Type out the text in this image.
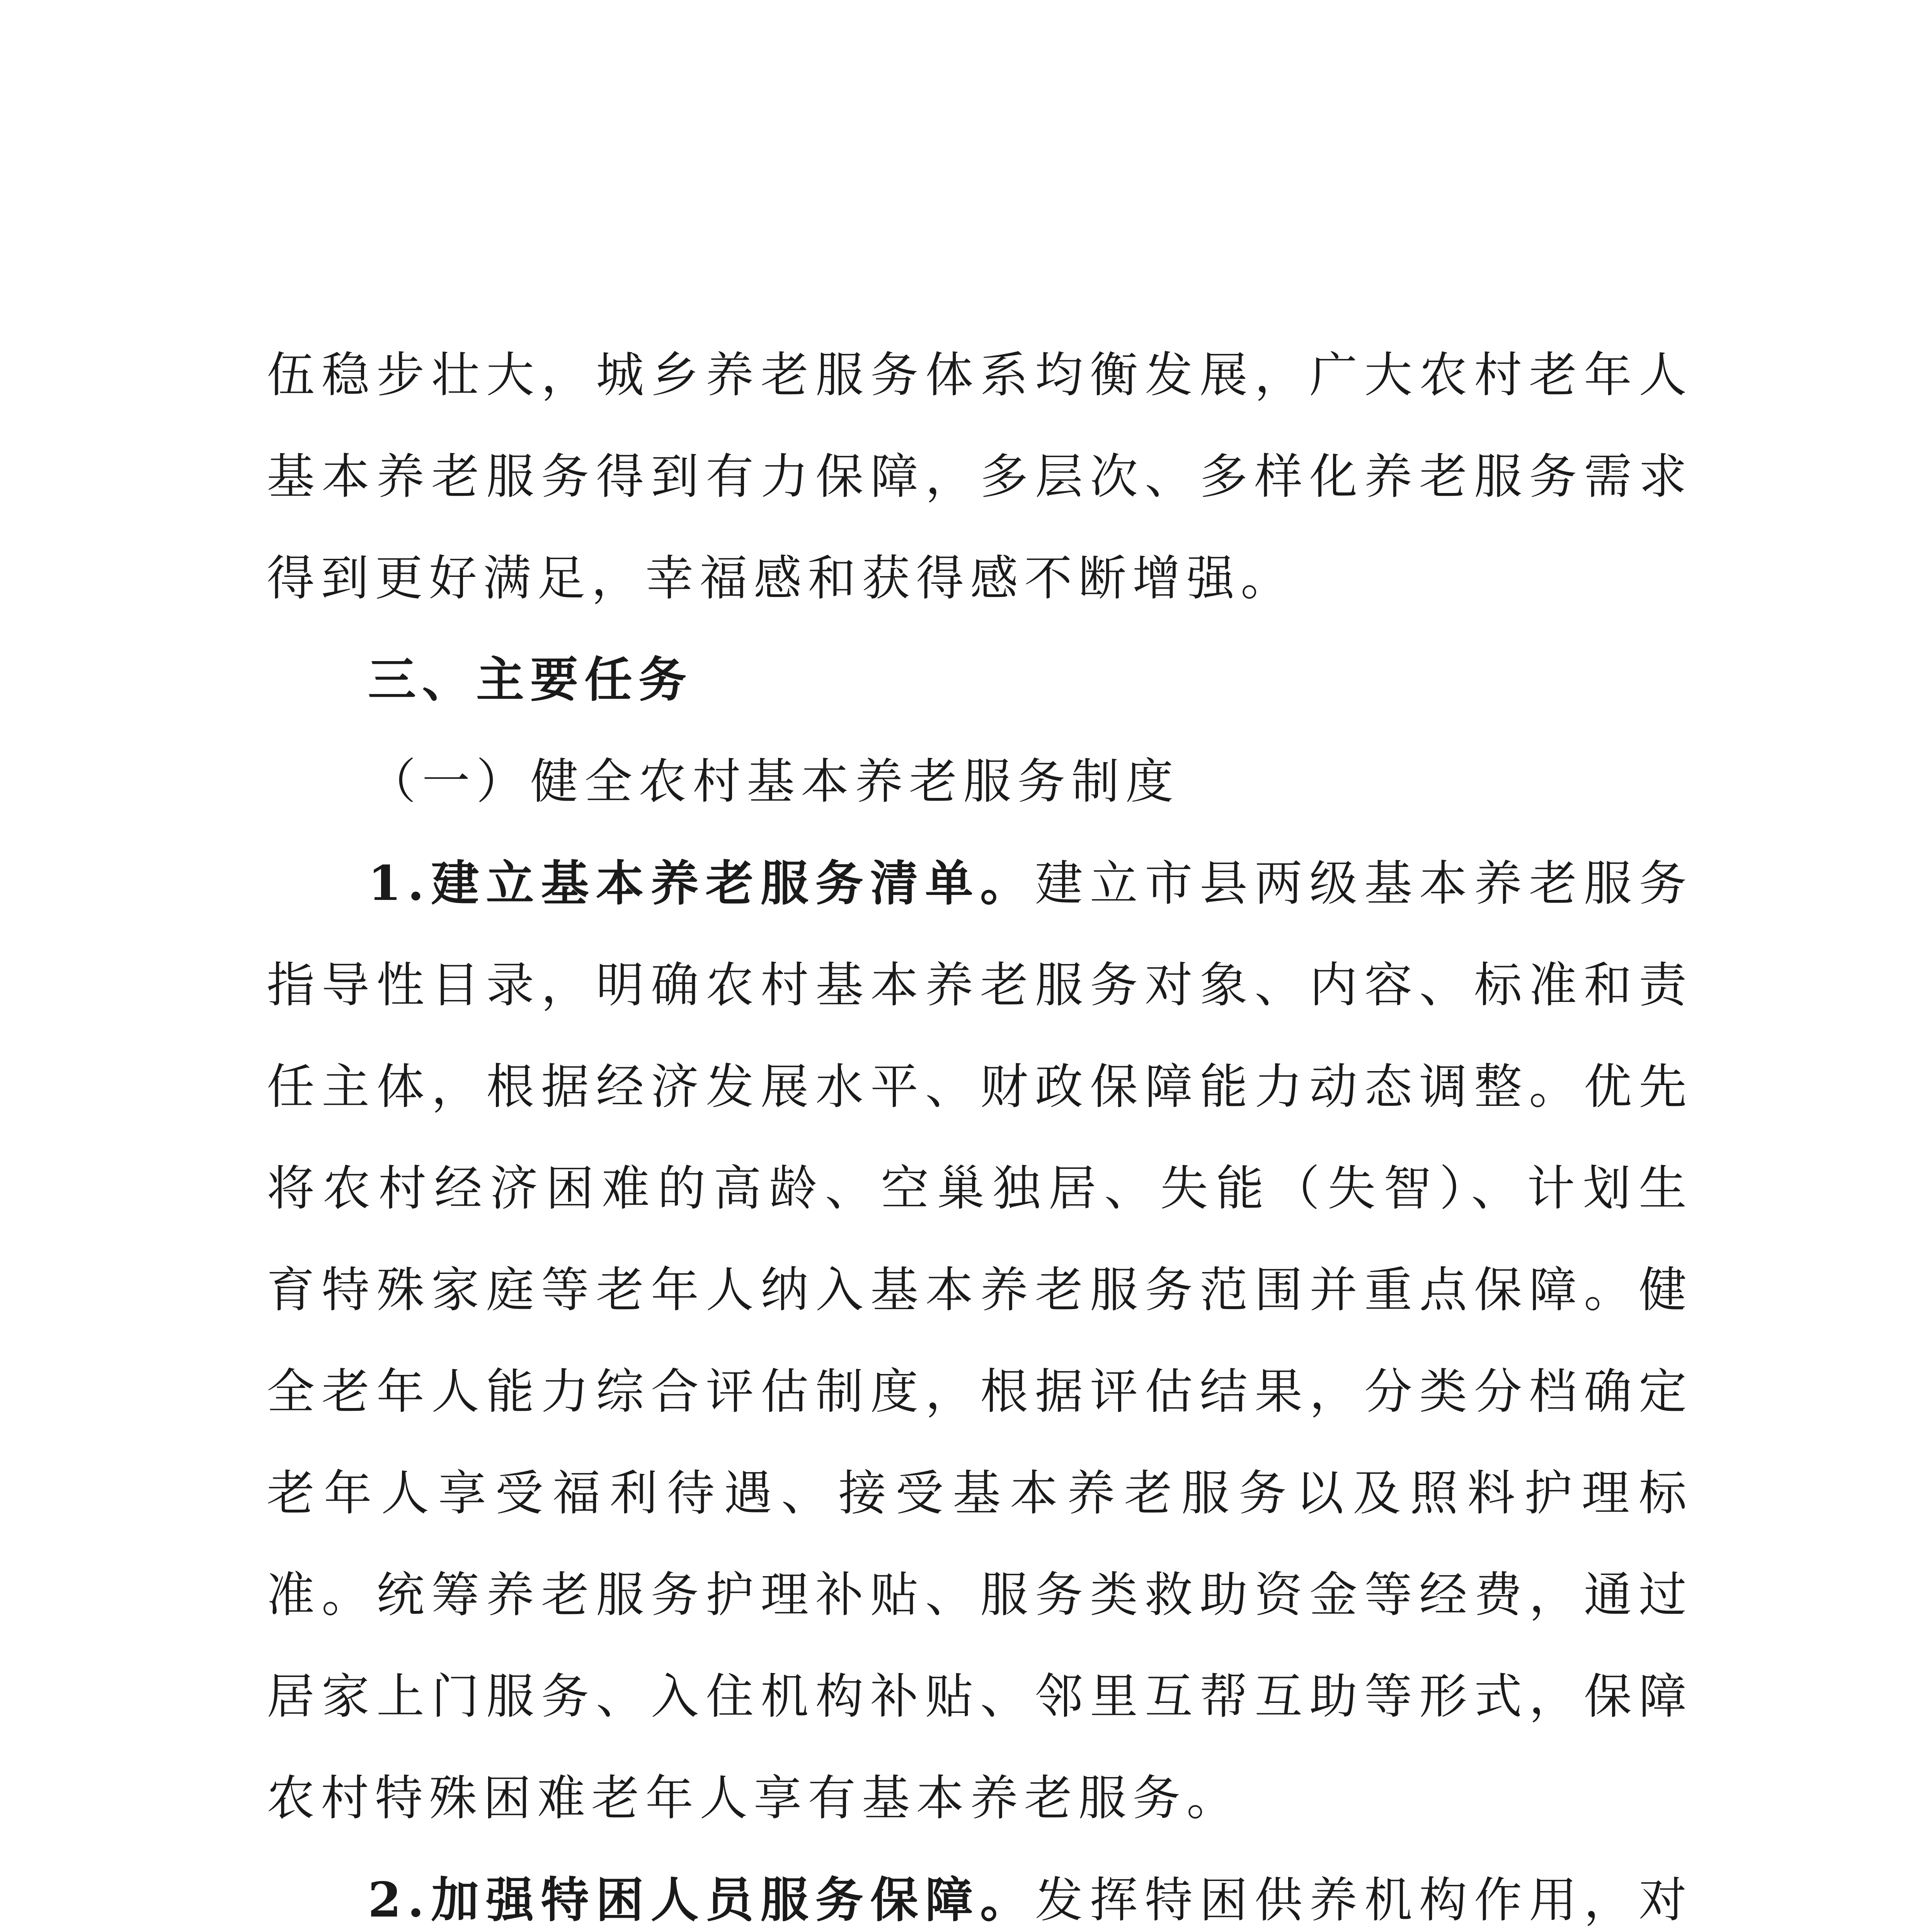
伍稳步壮大，城乡养老服务体系均衡发展，广大农村老年人基本养老服务得到有力保障，多层次、多样化养老服务需求得到更好满足，幸福感和获得感不断增强。

三、主要任务

（一）健全农村基本养老服务制度

1.建立基本养老服务清单。建立市县两级基本养老服务指导性目录，明确农村基本养老服务对象、内容、标准和责任主体，根据经济发展水平、财政保障能力动态调整。优先将农村经济困难的高龄、空巢独居、失能（失智）、计划生育特殊家庭等老年人纳入基本养老服务范围并重点保障。健全老年人能力综合评估制度，根据评估结果，分类分档确定老年人享受福利待遇、接受基本养老服务以及照料护理标准。统筹养老服务护理补贴、服务类救助资金等经费，通过居家上门服务、入住机构补贴、邻里互帮互助等形式，保障农村特殊困难老年人享有基本养老服务。

2.加强特困人员服务保障。发挥特困供养机构作用，对
